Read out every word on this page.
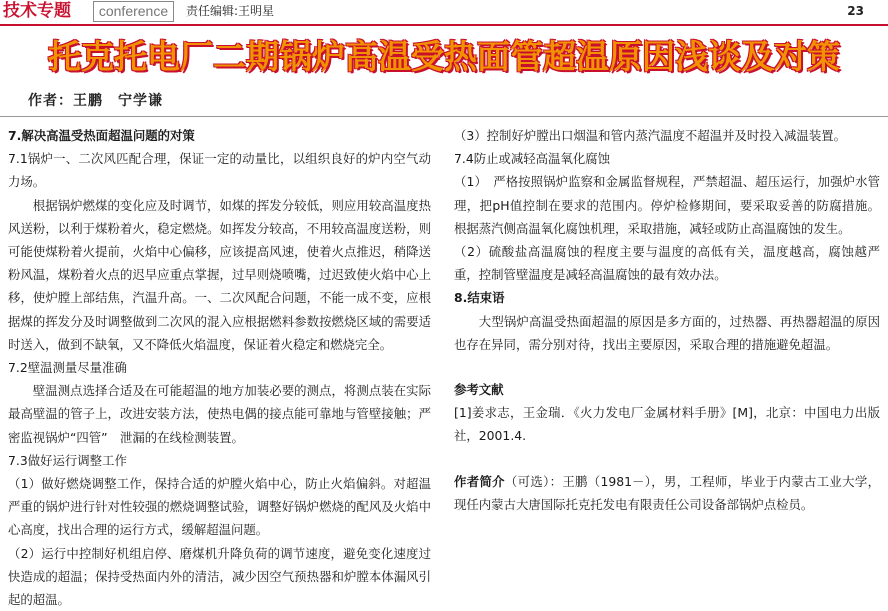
技术专题	conference	责任编辑:王明星	23
托克托电厂二期锅炉高温受热面管超温原因浅谈及对策
作者：王鹏　宁学谦

7.解决高温受热面超温问题的对策

7.1锅炉一、二次风匹配合理，保证一定的动量比，以组织良好的炉内空气动力场。

根据锅炉燃煤的变化应及时调节，如煤的挥发分较低，则应用较高温度热风送粉，以利于煤粉着火，稳定燃烧。如挥发分较高，不用较高温度送粉，则可能使煤粉着火提前，火焰中心偏移，应该提高风速，使着火点推迟，稍降送粉风温，煤粉着火点的迟早应重点掌握，过早则烧喷嘴，过迟致使火焰中心上移，使炉膛上部结焦，汽温升高。一、二次风配合问题，不能一成不变，应根据煤的挥发分及时调整做到二次风的混入应根据燃料参数按燃烧区域的需要适时送入，做到不缺氧，又不降低火焰温度，保证着火稳定和燃烧完全。

7.2壁温测量尽量准确

壁温测点选择合适及在可能超温的地方加装必要的测点，将测点装在实际最高壁温的管子上，改进安装方法，使热电偶的接点能可靠地与管壁接触；严密监视锅炉“四管”　泄漏的在线检测装置。

7.3做好运行调整工作

（1）做好燃烧调整工作，保持合适的炉膛火焰中心，防止火焰偏斜。对超温严重的锅炉进行针对性较强的燃烧调整试验，调整好锅炉燃烧的配风及火焰中心高度，找出合理的运行方式，缓解超温问题。

（2）运行中控制好机组启停、磨煤机升降负荷的调节速度，避免变化速度过快造成的超温；保持受热面内外的清洁，减少因空气预热器和炉膛本体漏风引起的超温。

（3）控制好炉膛出口烟温和管内蒸汽温度不超温并及时投入减温装置。

7.4防止或减轻高温氧化腐蚀

（1）　严格按照锅炉监察和金属监督规程，严禁超温、超压运行，加强炉水管理，把pH值控制在要求的范围内。停炉检修期间，要采取妥善的防腐措施。根据蒸汽侧高温氧化腐蚀机理，采取措施，减轻或防止高温腐蚀的发生。

（2）硫酸盐高温腐蚀的程度主要与温度的高低有关，温度越高，腐蚀越严重，控制管壁温度是减轻高温腐蚀的最有效办法。

8.结束语

大型锅炉高温受热面超温的原因是多方面的，过热器、再热器超温的原因也存在异同，需分别对待，找出主要原因，采取合理的措施避免超温。

参考文献

[1]姜求志，王金瑞．《火力发电厂金属材料手册》[M]，北京：中国电力出版社，2001.4.

作者简介（可选）：王鹏（1981－），男，工程师，毕业于内蒙古工业大学，现任内蒙古大唐国际托克托发电有限责任公司设备部锅炉点检员。
